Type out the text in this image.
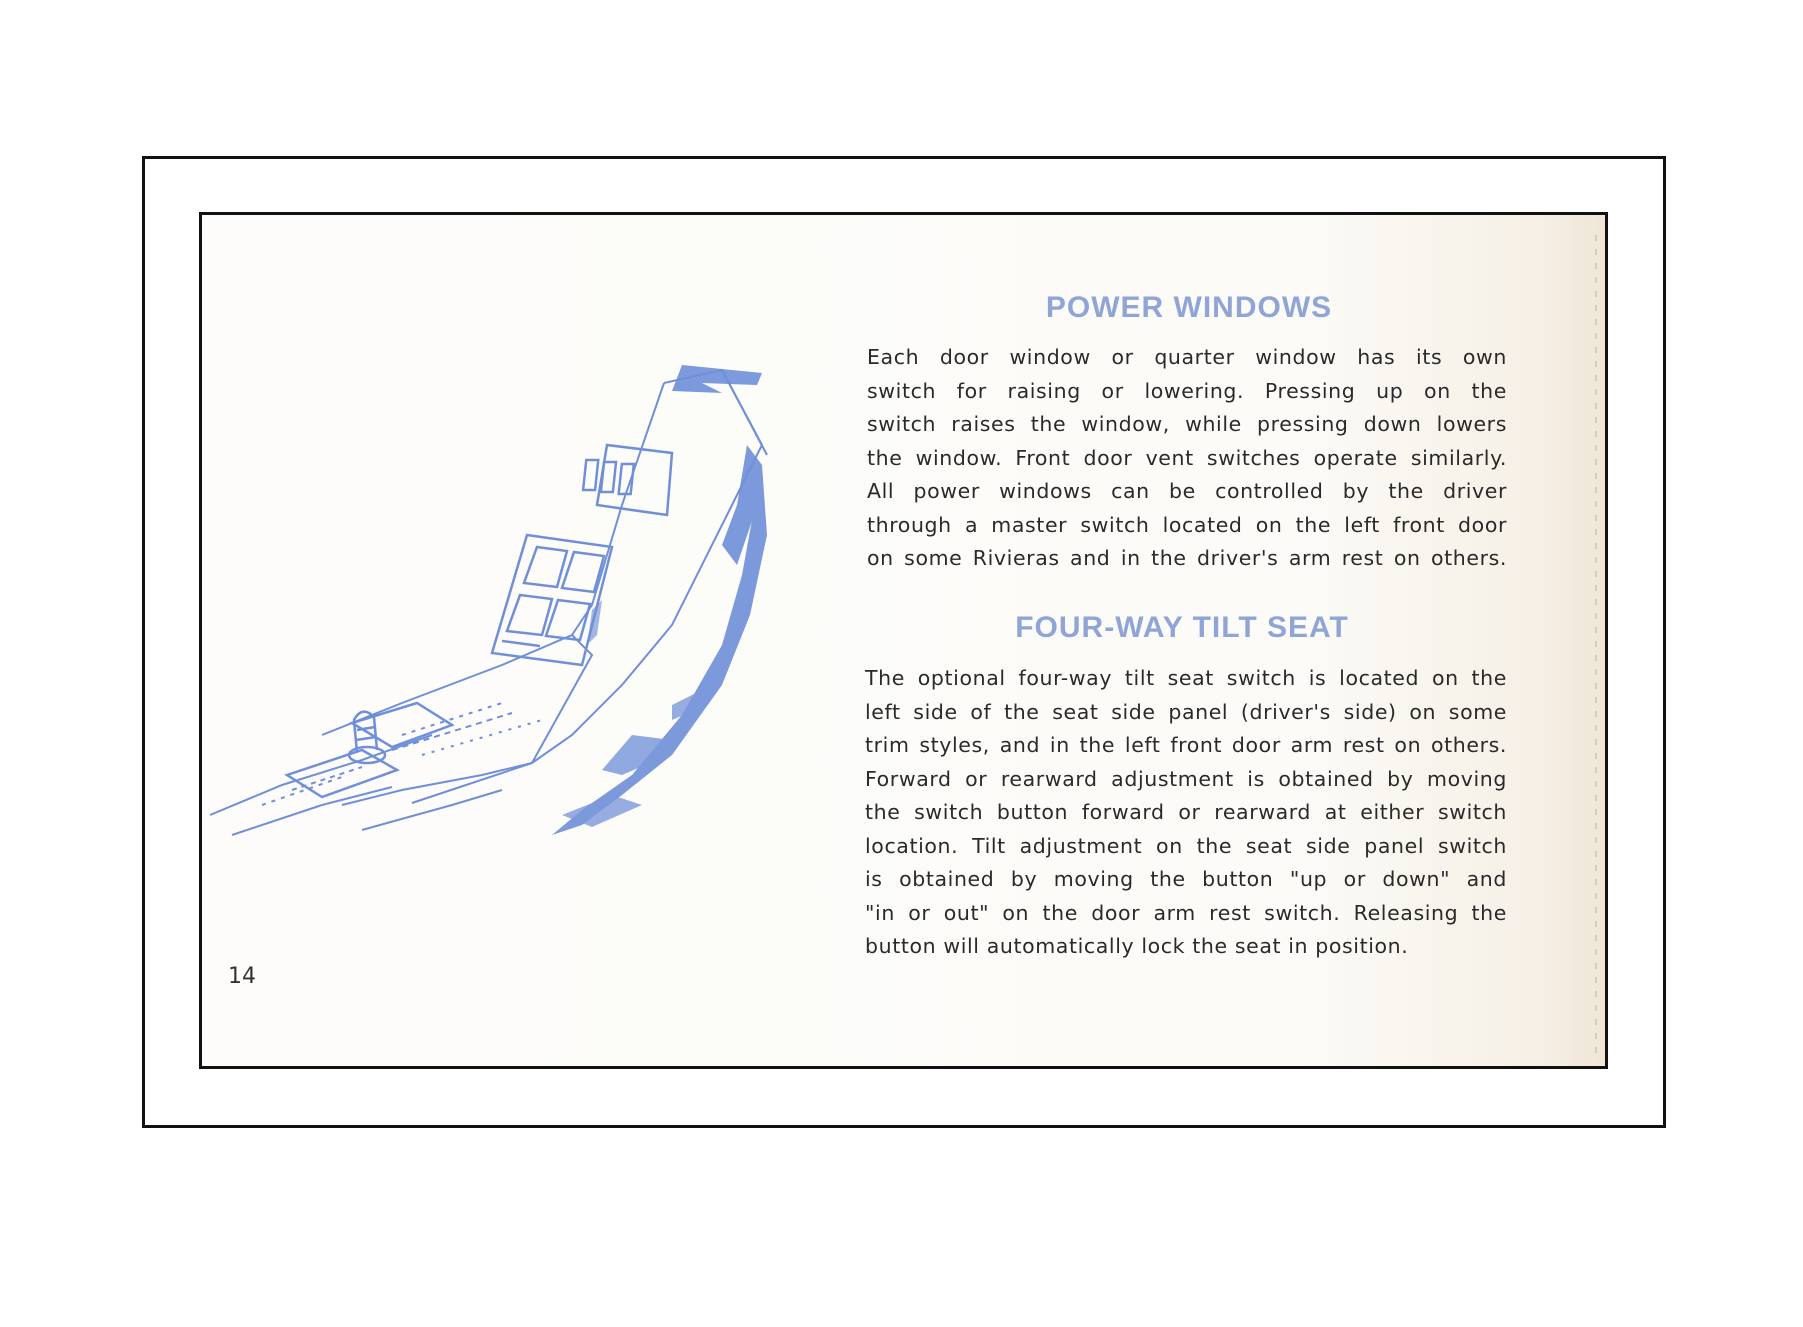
POWER WINDOWS
Each door window or quarter window has its own
switch for raising or lowering. Pressing up on the
switch raises the window, while pressing down lowers
the window. Front door vent switches operate similarly.
All power windows can be controlled by the driver
through a master switch located on the left front door
on some Rivieras and in the driver's arm rest on others.
FOUR-WAY TILT SEAT
The optional four-way tilt seat switch is located on the
left side of the seat side panel (driver's side) on some
trim styles, and in the left front door arm rest on others.
Forward or rearward adjustment is obtained by moving
the switch button forward or rearward at either switch
location. Tilt adjustment on the seat side panel switch
is obtained by moving the button "up or down" and
"in or out" on the door arm rest switch. Releasing the
button will automatically lock the seat in position.
14
